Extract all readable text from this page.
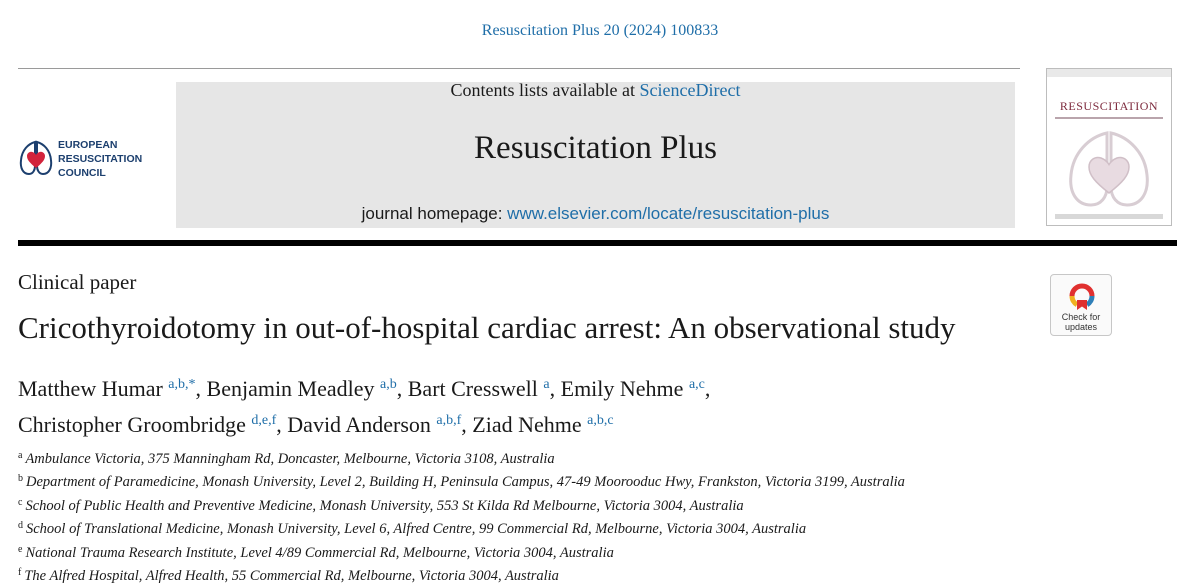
Resuscitation Plus 20 (2024) 100833
EUROPEAN
RESUSCITATION
COUNCIL
Contents lists available at ScienceDirect
Resuscitation Plus
journal homepage: www.elsevier.com/locate/resuscitation-plus
RESUSCITATION
Clinical paper
Cricothyroidotomy in out-of-hospital cardiac arrest: An observational study	Check for updates
Matthew Humar $^{a,b,*}$, Benjamin Meadley $^{a,b}$, Bart Cresswell $^a$, Emily Nehme $^{a,c}$,
Christopher Groombridge $^{d,e,f}$, David Anderson $^{a,b,f}$, Ziad Nehme $^{a,b,c}$
$^a$ Ambulance Victoria, 375 Manningham Rd, Doncaster, Melbourne, Victoria 3108, Australia
$^b$ Department of Paramedicine, Monash University, Level 2, Building H, Peninsula Campus, 47-49 Moorooduc Hwy, Frankston, Victoria 3199, Australia
$^c$ School of Public Health and Preventive Medicine, Monash University, 553 St Kilda Rd Melbourne, Victoria 3004, Australia
$^d$ School of Translational Medicine, Monash University, Level 6, Alfred Centre, 99 Commercial Rd, Melbourne, Victoria 3004, Australia
$^e$ National Trauma Research Institute, Level 4/89 Commercial Rd, Melbourne, Victoria 3004, Australia
$^f$ The Alfred Hospital, Alfred Health, 55 Commercial Rd, Melbourne, Victoria 3004, Australia
